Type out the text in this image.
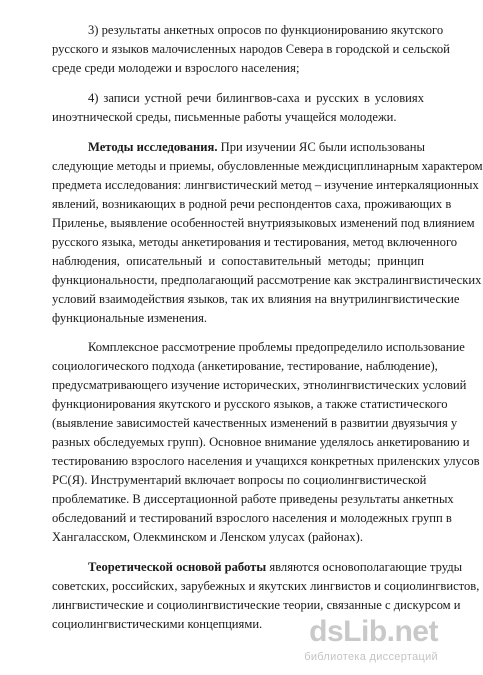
3) результаты анкетных опросов по функционированию якутского
русского и языков малочисленных народов Севера в городской и сельской
среде среди молодежи и взрослого населения;
4) записи устной речи билингвов-саха и русских в условиях
иноэтнической среды, письменные работы учащейся молодежи.
Методы исследования. При изучении ЯС были использованы
следующие методы и приемы, обусловленные междисциплинарным характером
предмета исследования: лингвистический метод – изучение интеркаляционных
явлений, возникающих в родной речи респондентов саха, проживающих в
Приленье, выявление особенностей внутриязыковых изменений под влиянием
русского языка, методы анкетирования и тестирования, метод включенного
наблюдения, описательный и сопоставительный методы; принцип
функциональности, предполагающий рассмотрение как экстралингвистических
условий взаимодействия языков, так их влияния на внутрилингвистические
функциональные изменения.
Комплексное рассмотрение проблемы предопределило использование
социологического подхода (анкетирование, тестирование, наблюдение),
предусматривающего изучение исторических, этнолингвистических условий
функционирования якутского и русского языков, а также статистического
(выявление зависимостей качественных изменений в развитии двуязычия у
разных обследуемых групп). Основное внимание уделялось анкетированию и
тестированию взрослого населения и учащихся конкретных приленских улусов
РС(Я). Инструментарий включает вопросы по социолингвистической
проблематике. В диссертационной работе приведены результаты анкетных
обследований и тестирований взрослого населения и молодежных групп в
Хангаласском, Олекминском и Ленском улусах (районах).
Теоретической основой работы являются основополагающие труды
советских, российских, зарубежных и якутских лингвистов и социолингвистов,
лингвистические и социолингвистические теории, связанные с дискурсом и
социолингвистическими концепциями.	dsLib.net
библиотека диссертаций
